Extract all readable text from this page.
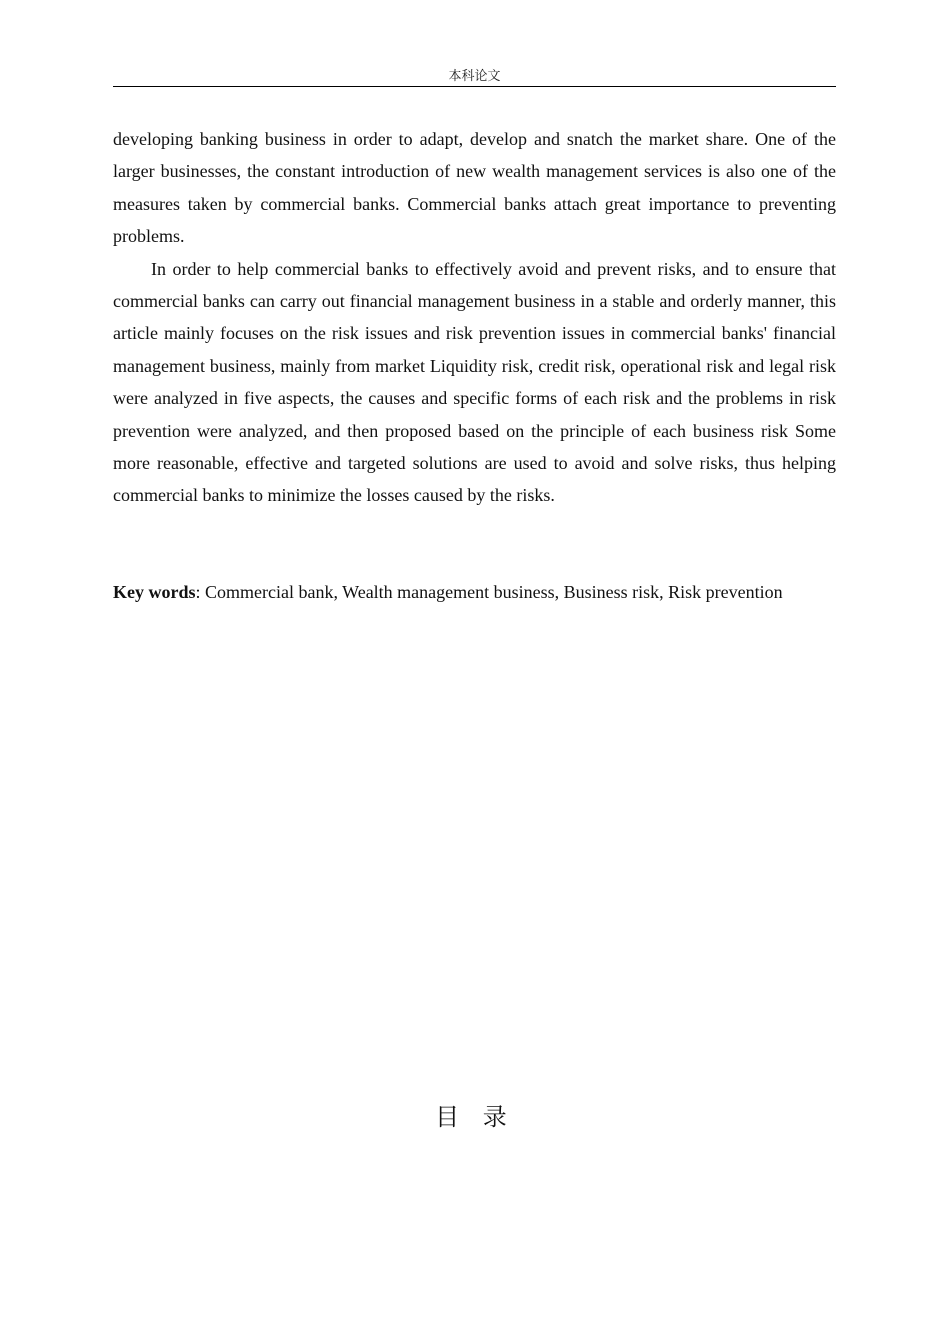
本科论文

developing banking business in order to adapt, develop and snatch the market share. One of the larger businesses, the constant introduction of new wealth management services is also one of the measures taken by commercial banks. Commercial banks attach great importance to preventing problems.

In order to help commercial banks to effectively avoid and prevent risks, and to ensure that commercial banks can carry out financial management business in a stable and orderly manner, this article mainly focuses on the risk issues and risk prevention issues in commercial banks' financial management business, mainly from market Liquidity risk, credit risk, operational risk and legal risk were analyzed in five aspects, the causes and specific forms of each risk and the problems in risk prevention were analyzed, and then proposed based on the principle of each business risk Some more reasonable, effective and targeted solutions are used to avoid and solve risks, thus helping commercial banks to minimize the losses caused by the risks.

Key words: Commercial bank, Wealth management business, Business risk, Risk prevention
目 录
